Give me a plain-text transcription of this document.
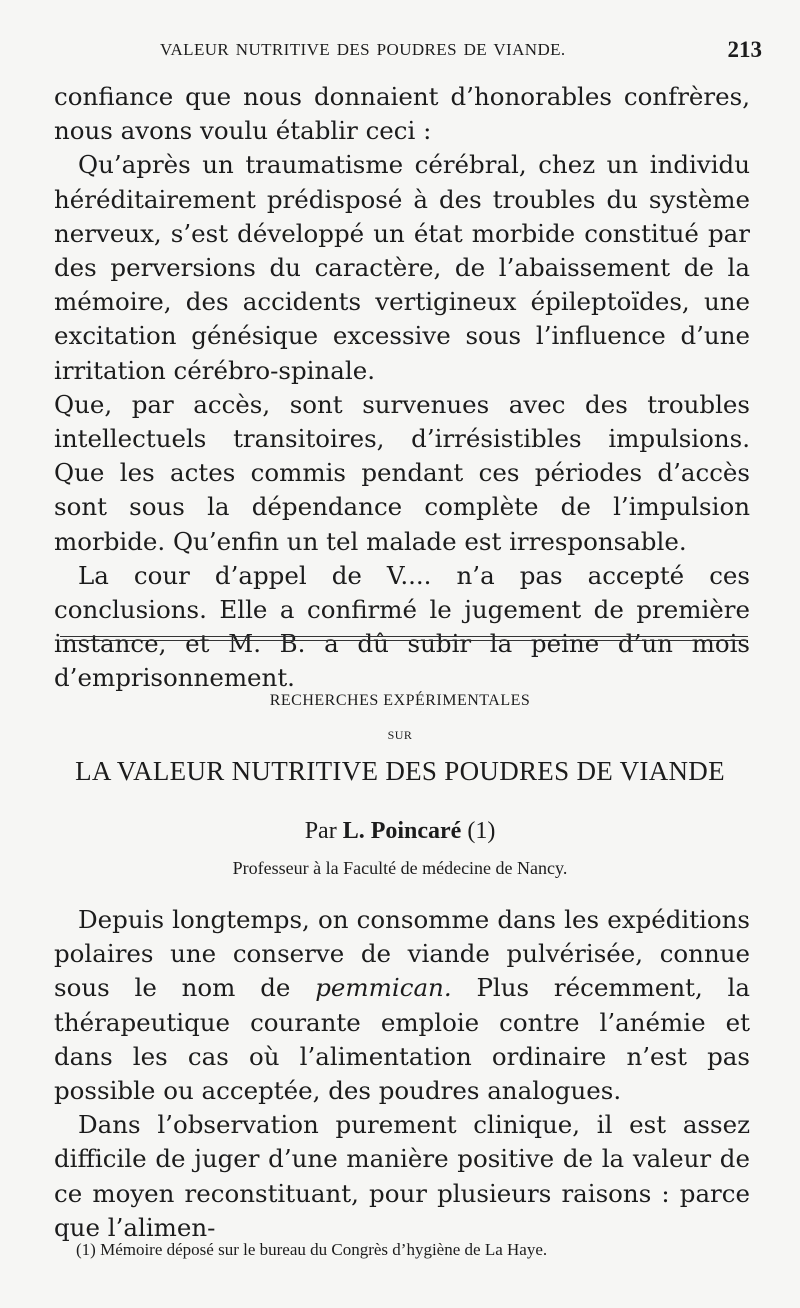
VALEUR NUTRITIVE DES POUDRES DE VIANDE.	213

confiance que nous donnaient d’honorables confrères, nous avons voulu établir ceci :

Qu’après un traumatisme cérébral, chez un individu héréditairement prédisposé à des troubles du système nerveux, s’est développé un état morbide constitué par des perversions du caractère, de l’abaissement de la mémoire, des accidents vertigineux épileptoïdes, une excitation génésique excessive sous l’influence d’une irritation cérébro-spinale.

Que, par accès, sont survenues avec des troubles intellectuels transitoires, d’irrésistibles impulsions. Que les actes commis pendant ces périodes d’accès sont sous la dépendance complète de l’impulsion morbide. Qu’enfin un tel malade est irresponsable.

La cour d’appel de V.... n’a pas accepté ces conclusions. Elle a confirmé le jugement de première instance, et M. B. a dû subir la peine d’un mois d’emprisonnement.

RECHERCHES EXPÉRIMENTALES
SUR
LA VALEUR NUTRITIVE DES POUDRES DE VIANDE
Par L. Poincaré (1)
Professeur à la Faculté de médecine de Nancy.

Depuis longtemps, on consomme dans les expéditions polaires une conserve de viande pulvérisée, connue sous le nom de pemmican. Plus récemment, la thérapeutique courante emploie contre l’anémie et dans les cas où l’alimentation ordinaire n’est pas possible ou acceptée, des poudres analogues.

Dans l’observation purement clinique, il est assez difficile de juger d’une manière positive de la valeur de ce moyen reconstituant, pour plusieurs raisons : parce que l’alimen-

(1) Mémoire déposé sur le bureau du Congrès d’hygiène de La Haye.
